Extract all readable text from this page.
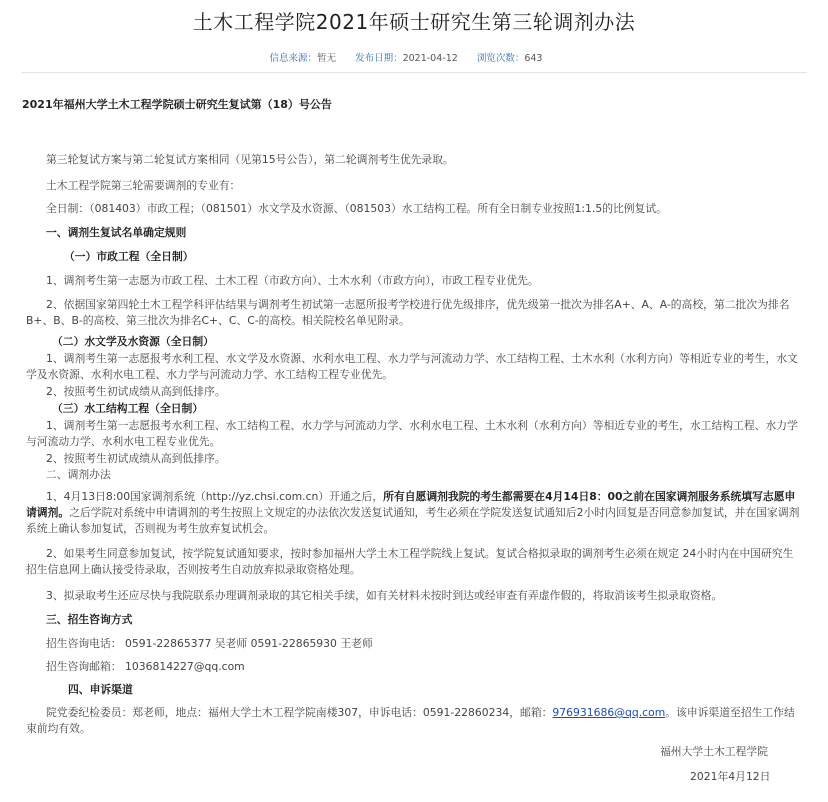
土木工程学院2021年硕士研究生第三轮调剂办法
信息来源：暂无 发布日期：2021-04-12 浏览次数：643
2021年福州大学土木工程学院硕士研究生复试第（18）号公告
第三轮复试方案与第二轮复试方案相同（见第15号公告），第二轮调剂考生优先录取。
土木工程学院第三轮需要调剂的专业有：
全日制：（081403）市政工程；（081501）水文学及水资源、（081503）水工结构工程。所有全日制专业按照1:1.5的比例复试。
一、调剂生复试名单确定规则
（一）市政工程（全日制）
1、调剂考生第一志愿为市政工程、土木工程（市政方向）、土木水利（市政方向），市政工程专业优先。
2、依据国家第四轮土木工程学科评估结果与调剂考生初试第一志愿所报考学校进行优先级排序，优先级第一批次为排名A+、A、A-的高校，第二批次为排名B+、B、B-的高校、第三批次为排名C+、C、C-的高校。相关院校名单见附录。
（二）水文学及水资源（全日制）
1、调剂考生第一志愿报考水利工程、水文学及水资源、水利水电工程、水力学与河流动力学、水工结构工程、土木水利（水利方向）等相近专业的考生，水文学及水资源、水利水电工程、水力学与河流动力学、水工结构工程专业优先。
2、按照考生初试成绩从高到低排序。
（三）水工结构工程（全日制）
1、调剂考生第一志愿报考水利工程、水工结构工程、水力学与河流动力学、水利水电工程、土木水利（水利方向）等相近专业的考生，水工结构工程、水力学与河流动力学、水利水电工程专业优先。
2、按照考生初试成绩从高到低排序。
二、调剂办法
1、4月13日8:00国家调剂系统（http://yz.chsi.com.cn）开通之后，所有自愿调剂我院的考生都需要在4月14日8：00之前在国家调剂服务系统填写志愿申请调剂。之后学院对系统中申请调剂的考生按照上文规定的办法依次发送复试通知，考生必须在学院发送复试通知后2小时内回复是否同意参加复试，并在国家调剂系统上确认参加复试，否则视为考生放弃复试机会。
2、如果考生同意参加复试，按学院复试通知要求，按时参加福州大学土木工程学院线上复试。复试合格拟录取的调剂考生必须在规定 24小时内在中国研究生招生信息网上确认接受待录取，否则按考生自动放弃拟录取资格处理。
3、拟录取考生还应尽快与我院联系办理调剂录取的其它相关手续，如有关材料未按时到达或经审查有弄虚作假的，将取消该考生拟录取资格。
三、招生咨询方式
招生咨询电话： 0591-22865377 吴老师 0591-22865930 王老师
招生咨询邮箱： 1036814227@qq.com
四、申诉渠道
院党委纪检委员：郑老师，地点：福州大学土木工程学院南楼307，申诉电话：0591-22860234，邮箱：976931686@qq.com。该申诉渠道至招生工作结束前均有效。
福州大学土木工程学院
2021年4月12日
